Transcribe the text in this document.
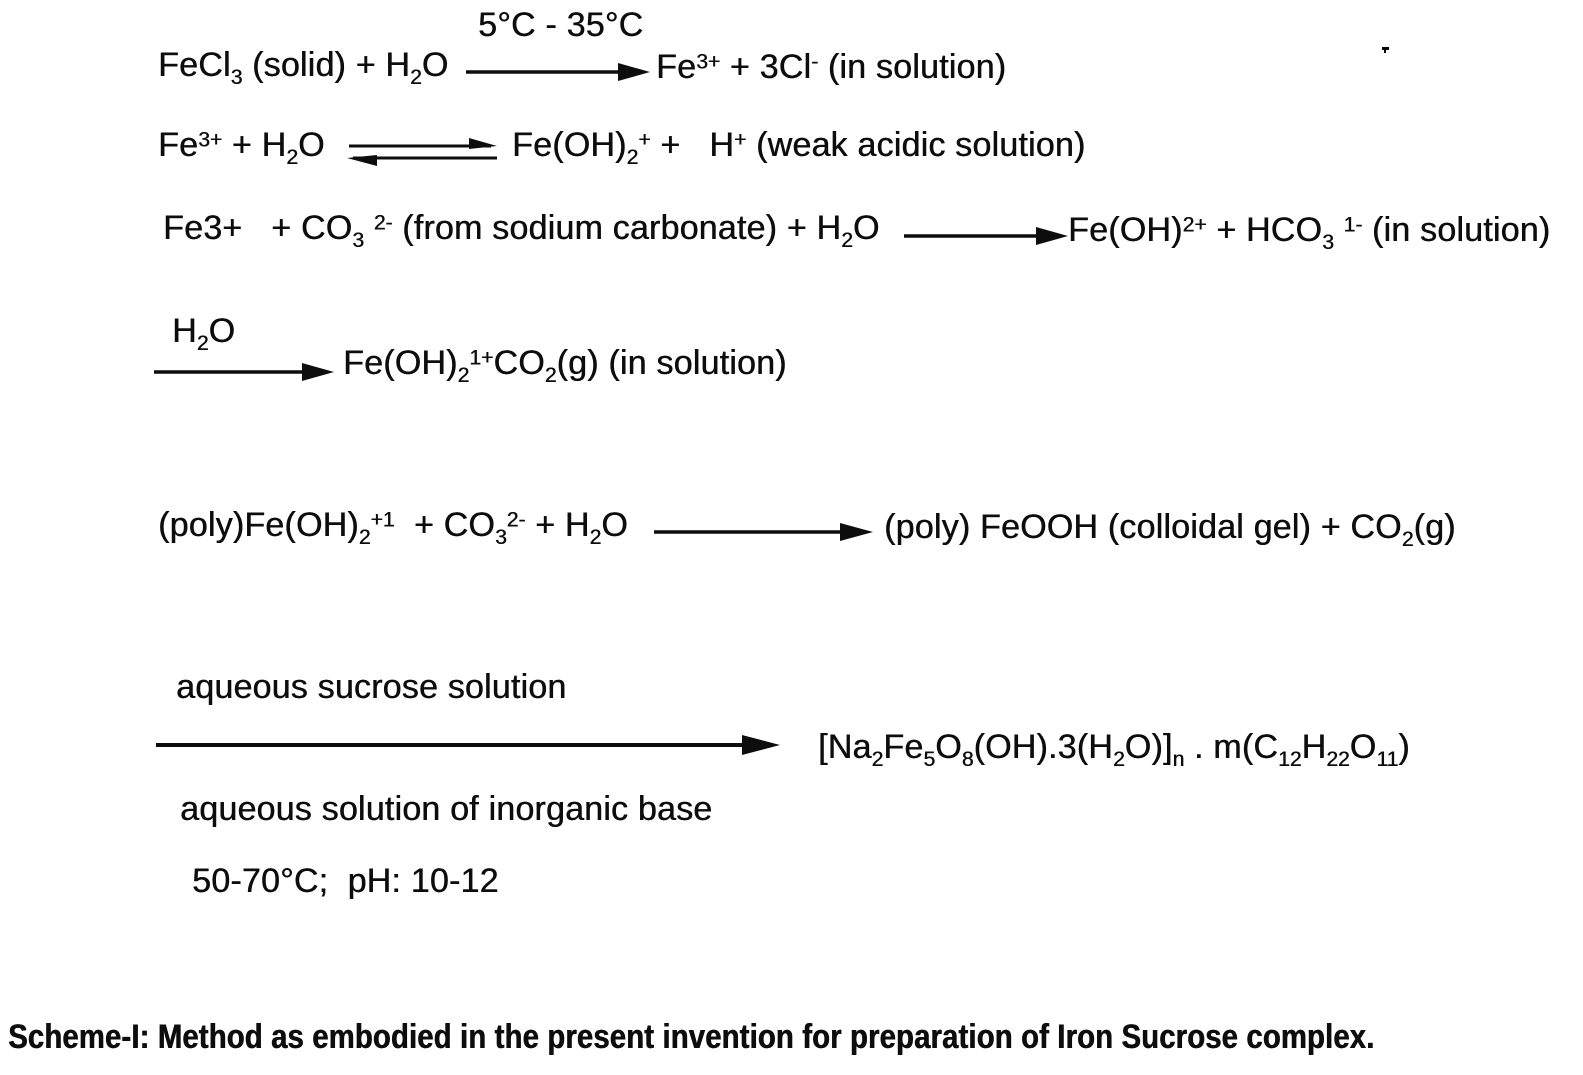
5°C - 35°C
FeCl$_3$ (solid) + $H_2O$	$Fe^{3+} + 3Cl^-$ (in solution)
$Fe^{3+} + H_2O$	$Fe(OH)_2^+ + H^+$ (weak acidic solution)
$Fe3+ + CO_3$ $^{2-}$ (from sodium carbonate) + $H_2O$	$Fe(OH)^{2+} + HCO_3$ $^{1-}$ (in solution)
$H_2O$
$Fe(OH)_2^{1+}CO_2(g)$ (in solution)
$(poly)Fe(OH)_2^{+1} + CO_3^{2-} + H_2O$	(poly) FeOOH (colloidal $gel) + CO_2(g)$
aqueous sucrose solution
$[Na_2Fe_5O_8(OH).3(H_2O)]_n$ . $m(C_{12}H_{22}O_{11})$
aqueous solution of inorganic base
50-70°C;  pH: 10-12
Scheme-I: Method as embodied in the present invention for preparation of Iron Sucrose complex.
